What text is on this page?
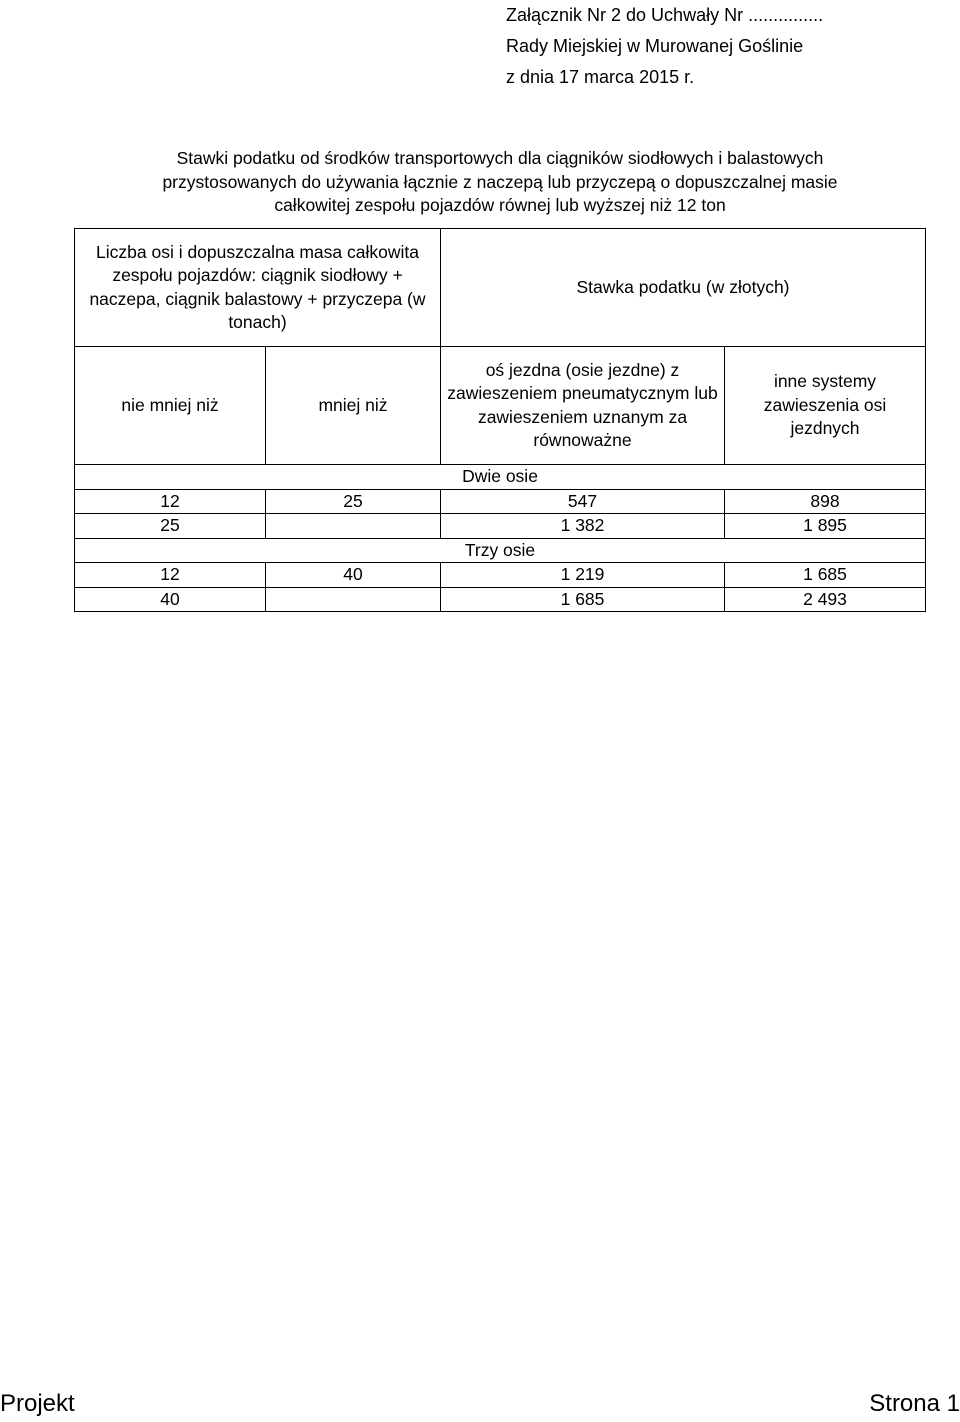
Załącznik Nr 2 do Uchwały Nr ...............
Rady Miejskiej w Murowanej Goślinie
z dnia 17 marca 2015 r.
Stawki podatku od środków transportowych dla ciągników siodłowych i balastowych
przystosowanych do używania łącznie z naczepą lub przyczepą o dopuszczalnej masie
całkowitej zespołu pojazdów równej lub wyższej niż 12 ton
Liczba osi i dopuszczalna masa całkowita zespołu pojazdów: ciągnik siodłowy + naczepa, ciągnik balastowy + przyczepa (w tonach)		Stawka podatku (w złotych)	
nie mniej niż	mniej niż	oś jezdna (osie jezdne) z zawieszeniem pneumatycznym lub zawieszeniem uznanym za równoważne	inne systemy zawieszenia osi jezdnych
Dwie osie			
12	25	547	898
25		1 382	1 895
Trzy osie			
12	40	1 219	1 685
40		1 685	2 493
Projekt	Strona 1
